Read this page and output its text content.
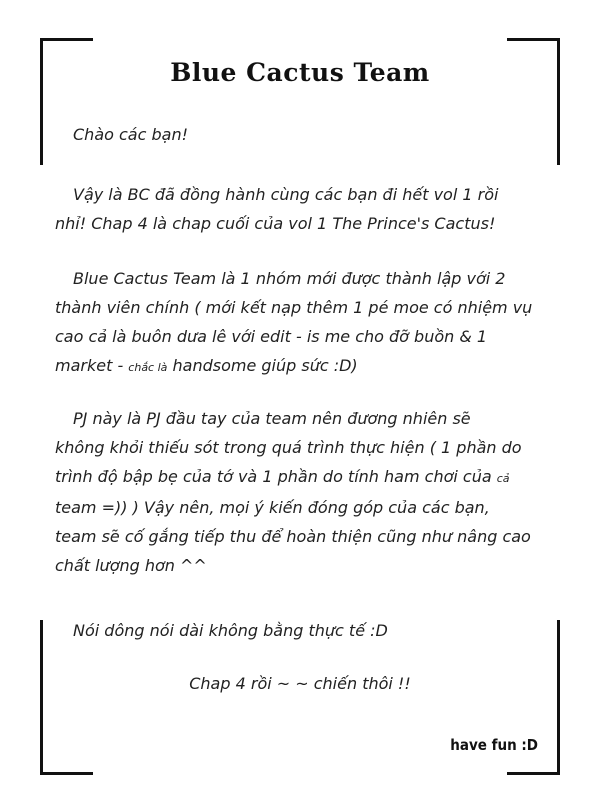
Blue Cactus Team
Chào các bạn!
Vậy là BC đã đồng hành cùng các bạn đi hết vol 1 rồi
nhỉ! Chap 4 là chap cuối của vol 1 The Prince's Cactus!
Blue Cactus Team là 1 nhóm mới được thành lập với 2
thành viên chính ( mới kết nạp thêm 1 pé moe có nhiệm vụ
cao cả là buôn dưa lê với edit - is me cho đỡ buồn & 1
market - chắc là handsome giúp sức :D)
PJ này là PJ đầu tay của team nên đương nhiên sẽ
không khỏi thiếu sót trong quá trình thực hiện ( 1 phần do
trình độ bập bẹ của tớ và 1 phần do tính ham chơi của cả
team =)) ) Vậy nên, mọi ý kiến đóng góp của các bạn,
team sẽ cố gắng tiếp thu để hoàn thiện cũng như nâng cao
chất lượng hơn ^^
Nói dông nói dài không bằng thực tế :D
Chap 4 rồi ~ ~ chiến thôi !!
have fun :D
